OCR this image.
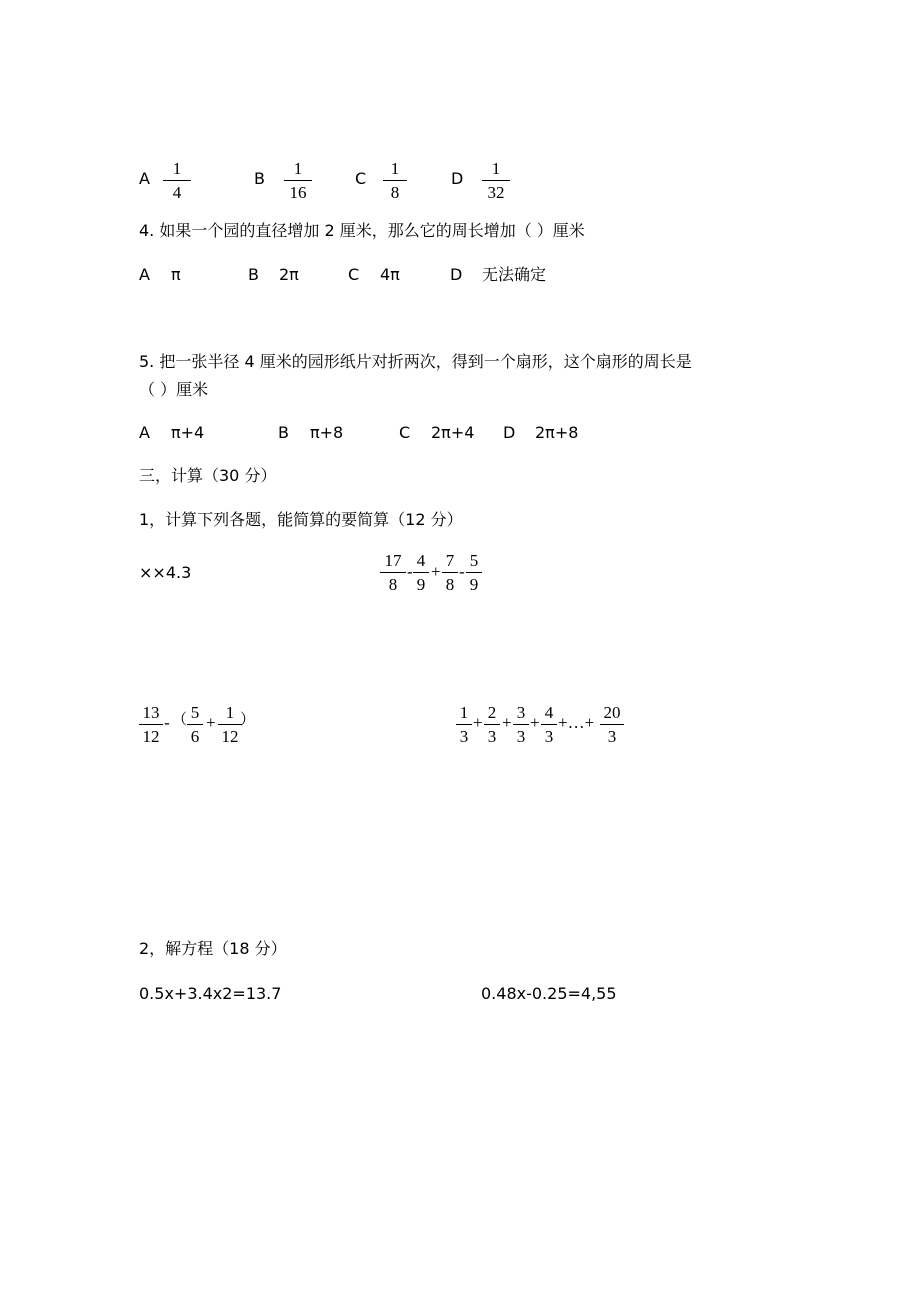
A
1
4
B
1
16
C
1
8
D
1
32
4. 如果一个园的直径增加 2 厘米，那么它的周长增加（ ）厘米
A π	B 2π	C 4π	D 无法确定
5. 把一张半径 4 厘米的园形纸片对折两次，得到一个扇形，这个扇形的周长是
（ ）厘米
A π+4	B π+8	C 2π+4 D 2π+8
三，计算（30 分）
1，计算下列各题，能简算的要简算（12 分）
××4.3
17
8
-
4
9
+
7
8
-
5
9
13
12
- （ 5
6
+
1
12
）	1
3
+
2
3
+
3
3
+
4
3
+…+
20
3
2，解方程（18 分）
0.5x+3.4x2=13.7	0.48x-0.25=4,55
